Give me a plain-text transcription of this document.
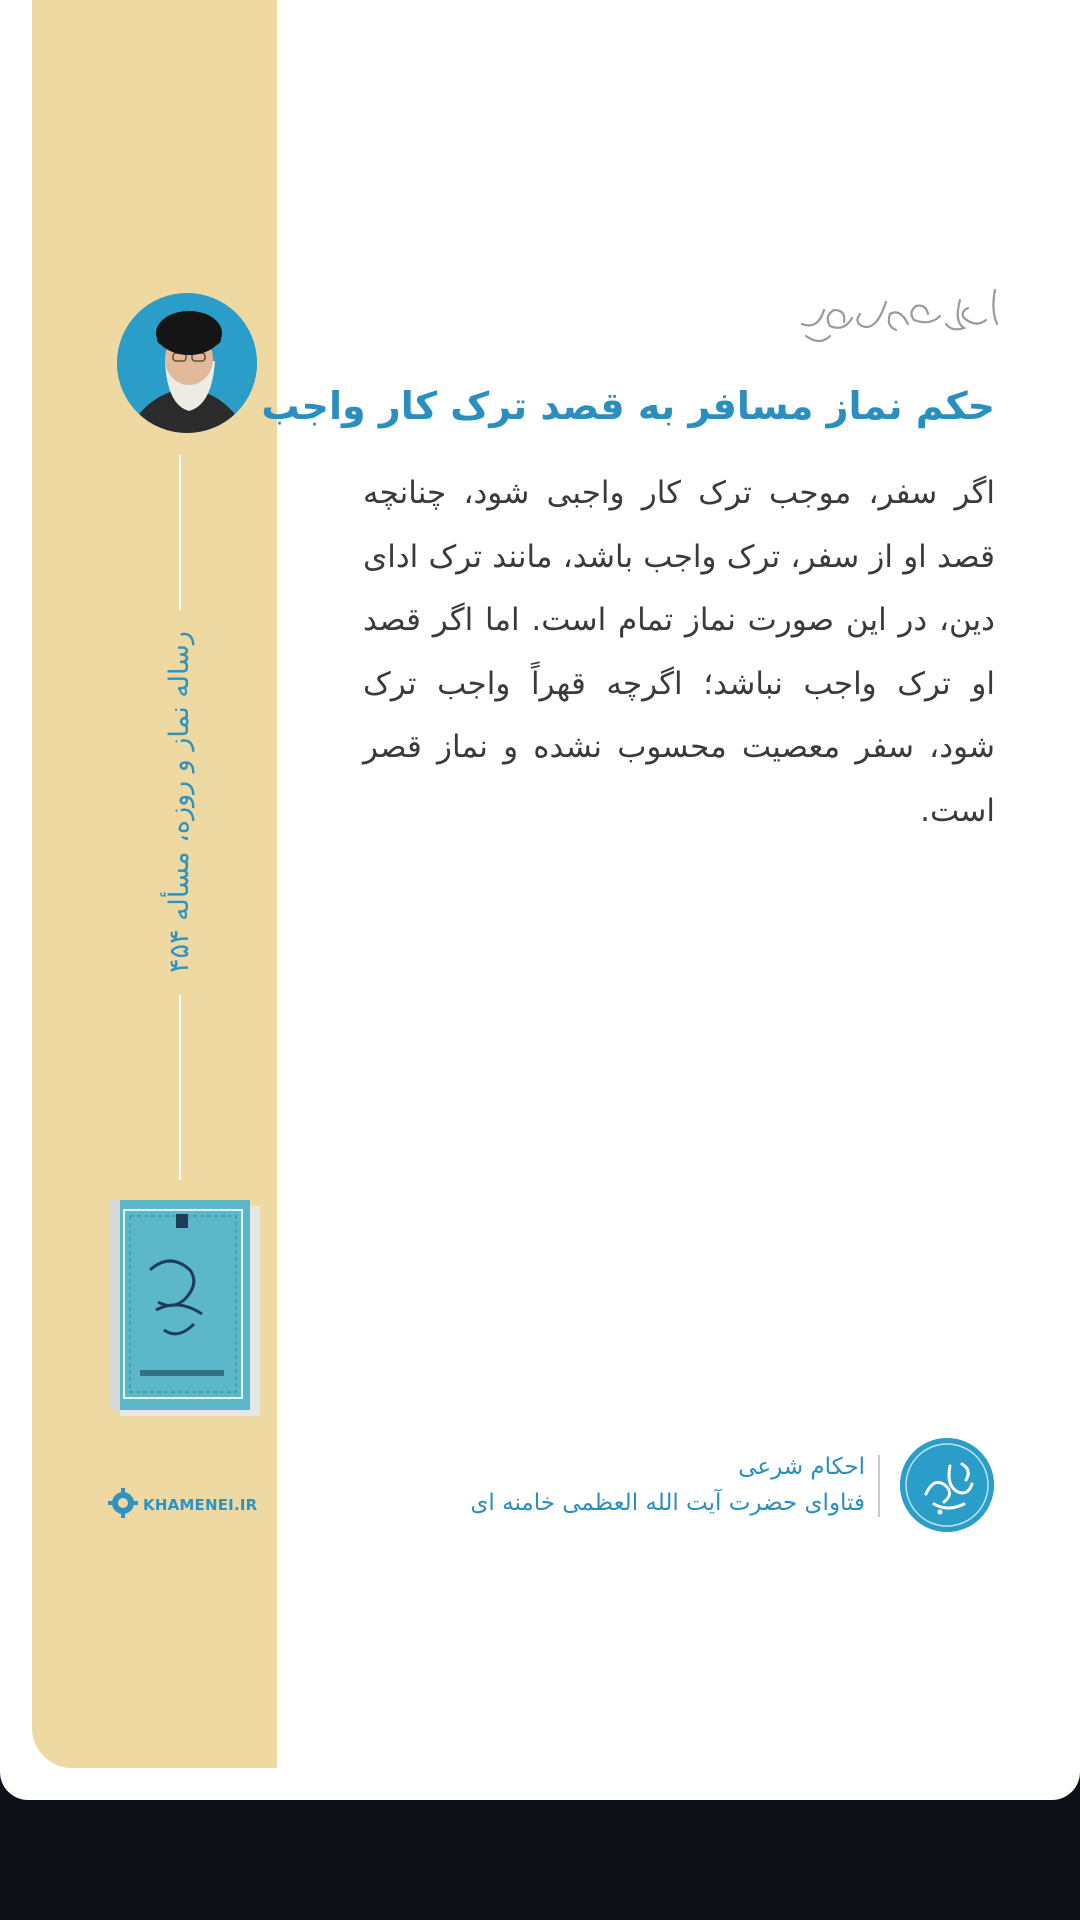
رساله نماز و روزه، مسأله ۴۵۴
KHAMENEI.IR
حکم نماز مسافر به قصد ترک کار واجب
اگر سفر، موجب ترک کار واجبی شود، چنانچه قصد او از سفر، ترک واجب باشد، مانند ترک ادای دین، در این صورت نماز تمام است. اما اگر قصد او ترک واجب نباشد؛ اگرچه قهراً واجب ترک شود، سفر معصیت محسوب نشده و نماز قصر است.
احکام شرعی
فتاوای حضرت آیت الله العظمی خامنه ای
